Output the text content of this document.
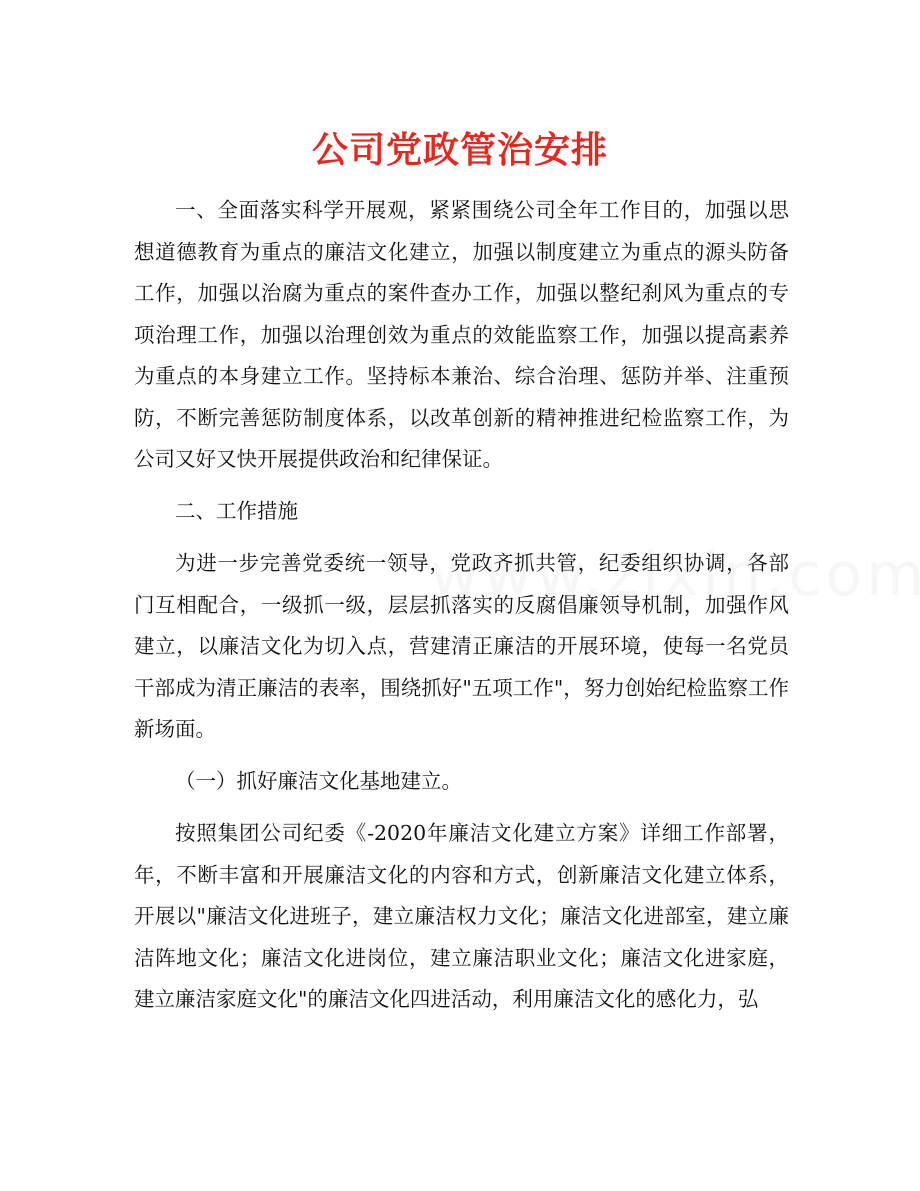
公司党政管治安排

一、全面落实科学开展观，紧紧围绕公司全年工作目的，加强以思想道德教育为重点的廉洁文化建立，加强以制度建立为重点的源头防备工作，加强以治腐为重点的案件查办工作，加强以整纪刹风为重点的专项治理工作，加强以治理创效为重点的效能监察工作，加强以提高素养为重点的本身建立工作。坚持标本兼治、综合治理、惩防并举、注重预防，不断完善惩防制度体系，以改革创新的精神推进纪检监察工作，为公司又好又快开展提供政治和纪律保证。

二、工作措施

为进一步完善党委统一领导，党政齐抓共管，纪委组织协调，各部门互相配合，一级抓一级，层层抓落实的反腐倡廉领导机制，加强作风建立，以廉洁文化为切入点，营建清正廉洁的开展环境，使每一名党员干部成为清正廉洁的表率，围绕抓好"五项工作"，努力创始纪检监察工作新场面。

（一）抓好廉洁文化基地建立。

按照集团公司纪委《-2020年廉洁文化建立方案》详细工作部署，年，不断丰富和开展廉洁文化的内容和方式，创新廉洁文化建立体系，开展以"廉洁文化进班子，建立廉洁权力文化；廉洁文化进部室，建立廉洁阵地文化；廉洁文化进岗位，建立廉洁职业文化；廉洁文化进家庭，建立廉洁家庭文化"的廉洁文化四进活动，利用廉洁文化的感化力，弘
